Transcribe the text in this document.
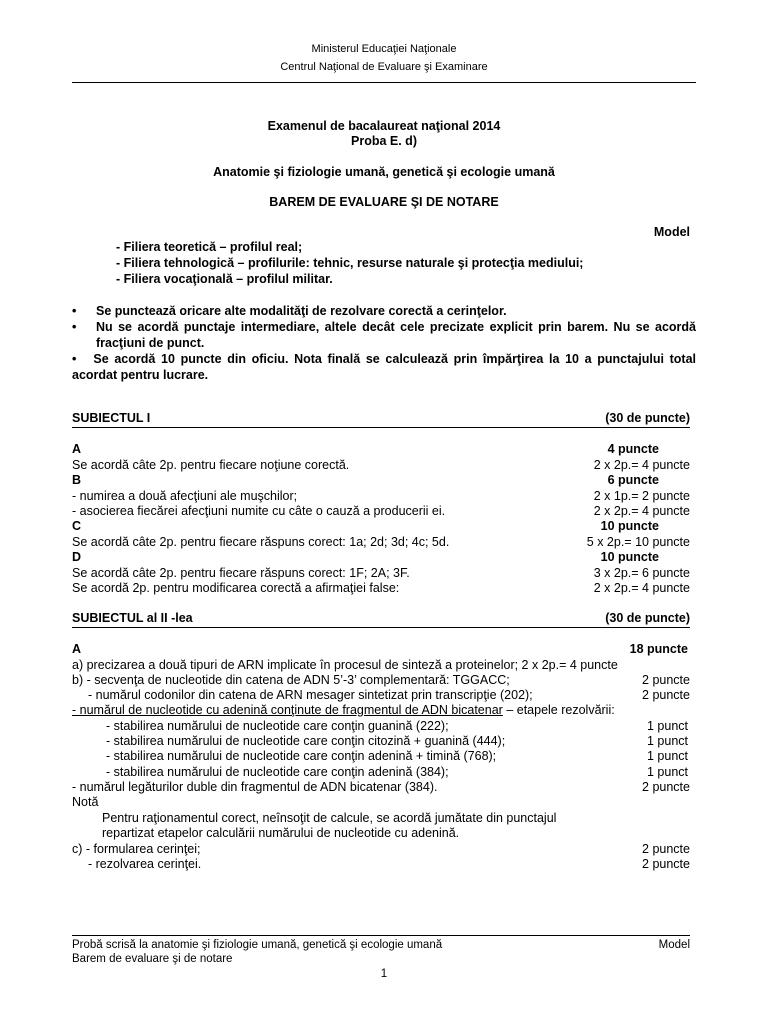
Ministerul Educaţiei Naţionale
Centrul Naţional de Evaluare şi Examinare
Examenul de bacalaureat naţional 2014
Proba E. d)
Anatomie şi fiziologie umană, genetică şi ecologie umană
BAREM DE EVALUARE ŞI DE NOTARE
Model
- Filiera teoretică – profilul real;
- Filiera tehnologică – profilurile: tehnic, resurse naturale şi protecţia mediului;
- Filiera vocaţională – profilul militar.
•	Se punctează oricare alte modalităţi de rezolvare corectă a cerinţelor.
•	Nu se acordă punctaje intermediare, altele decât cele precizate explicit prin barem. Nu se acordă fracţiuni de punct.
• Se acordă 10 puncte din oficiu. Nota finală se calculează prin împărţirea la 10 a punctajului total acordat pentru lucrare.
SUBIECTUL I	(30 de puncte)
A	4 puncte
Se acordă câte 2p. pentru fiecare noţiune corectă.	2 x 2p.= 4 puncte
B	6 puncte
- numirea a două afecţiuni ale muşchilor;	2 x 1p.= 2 puncte
- asocierea fiecărei afecţiuni numite cu câte o cauză a producerii ei.	2 x 2p.= 4 puncte
C	10 puncte
Se acordă câte 2p. pentru fiecare răspuns corect: 1a; 2d; 3d; 4c; 5d.	5 x 2p.= 10 puncte
D	10 puncte
Se acordă câte 2p. pentru fiecare răspuns corect: 1F; 2A; 3F.	3 x 2p.= 6 puncte
Se acordă 2p. pentru modificarea corectă a afirmaţiei false:	2 x 2p.= 4 puncte
SUBIECTUL al II -lea	(30 de puncte)
A	18 puncte
a) precizarea a două tipuri de ARN implicate în procesul de sinteză a proteinelor; 2 x 2p.= 4 puncte
b) - secvenţa de nucleotide din catena de ADN 5’-3’ complementară: TGGACC;	2 puncte
- numărul codonilor din catena de ARN mesager sintetizat prin transcripţie (202);	2 puncte
- numărul de nucleotide cu adenină conţinute de fragmentul de ADN bicatenar – etapele rezolvării:
- stabilirea numărului de nucleotide care conţin guanină (222);	1 punct
- stabilirea numărului de nucleotide care conţin citozină + guanină (444);	1 punct
- stabilirea numărului de nucleotide care conţin adenină + timină (768);	1 punct
- stabilirea numărului de nucleotide care conţin adenină (384);	1 punct
- numărul legăturilor duble din fragmentul de ADN bicatenar (384).	2 puncte
Notă
Pentru raţionamentul corect, neînsoţit de calcule, se acordă jumătate din punctajul
repartizat etapelor calculării numărului de nucleotide cu adenină.
c) - formularea cerinţei;	2 puncte
- rezolvarea cerinţei.	2 puncte
Probă scrisă la anatomie şi fiziologie umană, genetică şi ecologie umană	Model
Barem de evaluare şi de notare
1
